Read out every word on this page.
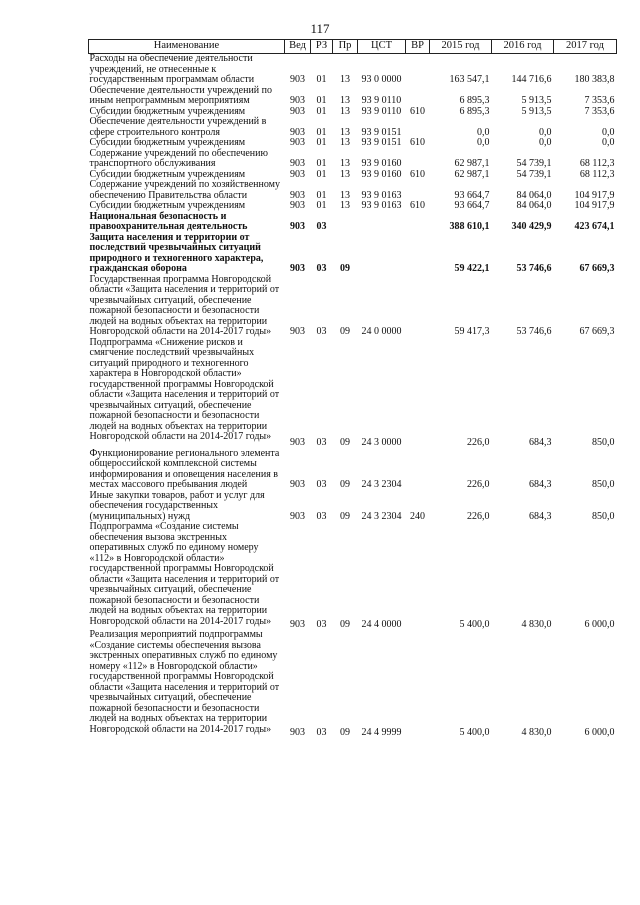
117
Наименование	Вед	РЗ	Пр	ЦСТ	ВР	2015 год	2016 год	2017 год
Расходы на обеспечение деятельности учреждений, не отнесенные к государственным программам области	903	01	13	93 0 0000		163 547,1	144 716,6	180 383,8
Обеспечение деятельности учреждений по иным непрограммным мероприятиям	903	01	13	93 9 0110		6 895,3	5 913,5	7 353,6
Субсидии бюджетным учреждениям	903	01	13	93 9 0110	610	6 895,3	5 913,5	7 353,6
Обеспечение деятельности учреждений в сфере строительного контроля	903	01	13	93 9 0151		0,0	0,0	0,0
Субсидии бюджетным учреждениям	903	01	13	93 9 0151	610	0,0	0,0	0,0
Содержание учреждений по обеспечению транспортного обслуживания	903	01	13	93 9 0160		62 987,1	54 739,1	68 112,3
Субсидии бюджетным учреждениям	903	01	13	93 9 0160	610	62 987,1	54 739,1	68 112,3
Содержание учреждений по хозяйственному обеспечению Правительства области	903	01	13	93 9 0163		93 664,7	84 064,0	104 917,9
Субсидии бюджетным учреждениям	903	01	13	93 9 0163	610	93 664,7	84 064,0	104 917,9
Национальная безопасность и правоохранительная деятельность	903	03				388 610,1	340 429,9	423 674,1
Защита населения и территории от последствий чрезвычайных ситуаций природного и техногенного характера, гражданская оборона	903	03	09			59 422,1	53 746,6	67 669,3
Государственная программа Новгородской области «Защита населения и территорий от чрезвычайных ситуаций, обеспечение пожарной безопасности и безопасности людей на водных объектах на территории Новгородской области на 2014-2017 годы»	903	03	09	24 0 0000		59 417,3	53 746,6	67 669,3
Подпрограмма «Снижение рисков и смягчение последствий чрезвычайных ситуаций природного и техногенного характера в Новгородской области» государственной программы Новгородской области «Защита населения и территорий от чрезвычайных ситуаций, обеспечение пожарной безопасности и безопасности людей на водных объектах на территории Новгородской области на 2014-2017 годы»	903	03	09	24 3 0000		226,0	684,3	850,0
Функционирование регионального элемента общероссийской комплексной системы информирования и оповещения населения в местах массового пребывания людей	903	03	09	24 3 2304		226,0	684,3	850,0
Иные закупки товаров, работ и услуг для обеспечения государственных (муниципальных) нужд	903	03	09	24 3 2304	240	226,0	684,3	850,0
Подпрограмма «Создание системы обеспечения вызова экстренных оперативных служб по единому номеру «112» в Новгородской области» государственной программы Новгородской области «Защита населения и территорий от чрезвычайных ситуаций, обеспечение пожарной безопасности и безопасности людей на водных объектах на территории Новгородской области на 2014-2017 годы»	903	03	09	24 4 0000		5 400,0	4 830,0	6 000,0
Реализация мероприятий подпрограммы «Создание системы обеспечения вызова экстренных оперативных служб по единому номеру «112» в Новгородской области» государственной программы Новгородской области «Защита населения и территорий от чрезвычайных ситуаций, обеспечение пожарной безопасности и безопасности людей на водных объектах на территории Новгородской области на 2014-2017 годы»	903	03	09	24 4 9999		5 400,0	4 830,0	6 000,0
